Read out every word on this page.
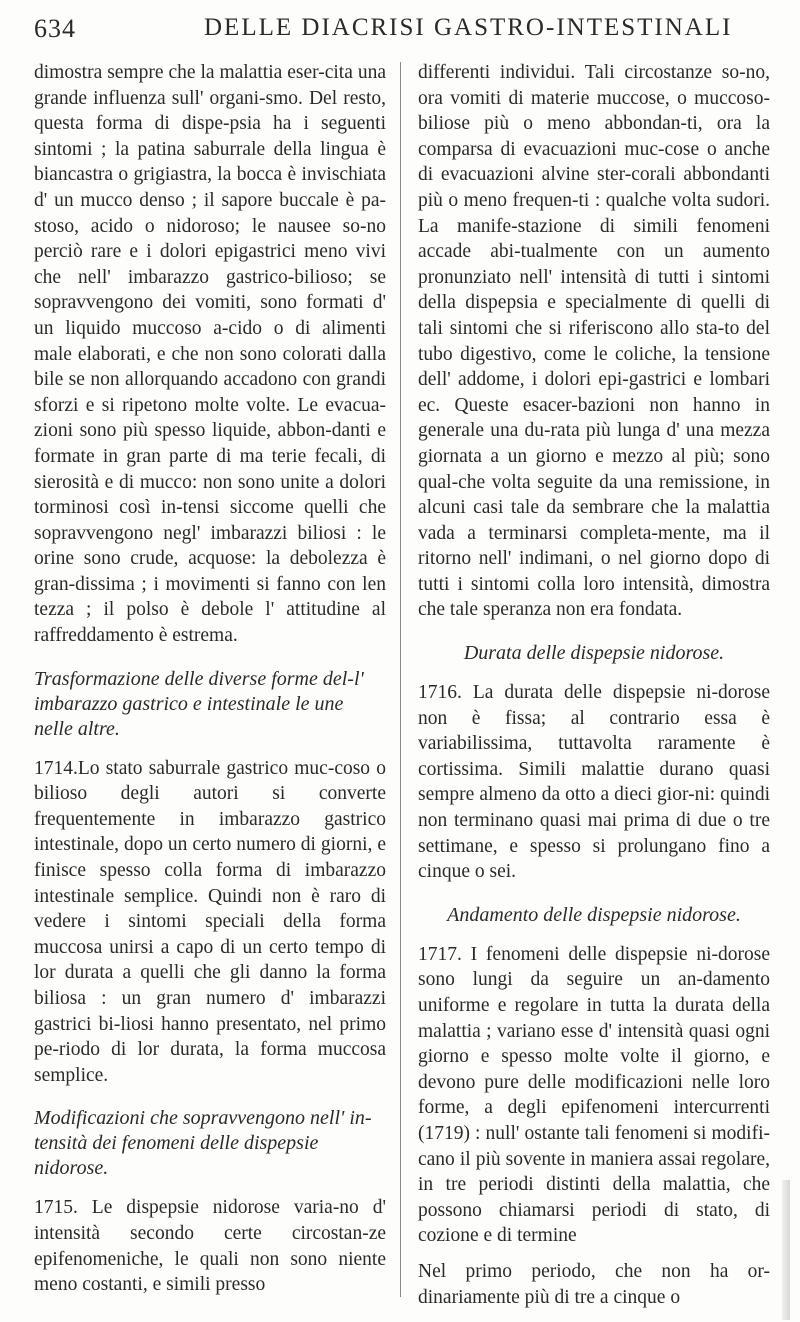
634	DELLE DIACRISI GASTRO-INTESTINALI

dimostra sempre che la malattia eser-cita una grande influenza sull' organi-smo. Del resto, questa forma di dispe-psia ha i seguenti sintomi ; la patina saburrale della lingua è biancastra o grigiastra, la bocca è invischiata d' un mucco denso ; il sapore buccale è pa-stoso, acido o nidoroso; le nausee so-no perciò rare e i dolori epigastrici meno vivi che nell' imbarazzo gastrico-bilioso; se sopravvengono dei vomiti, sono formati d' un liquido muccoso a-cido o di alimenti male elaborati, e che non sono colorati dalla bile se non allorquando accadono con grandi sforzi e si ripetono molte volte. Le evacua-zioni sono più spesso liquide, abbon-danti e formate in gran parte di ma terie fecali, di sierosità e di mucco: non sono unite a dolori torminosi così in-tensi siccome quelli che sopravvengono negl' imbarazzi biliosi : le orine sono crude, acquose: la debolezza è gran-dissima ; i movimenti si fanno con len tezza ; il polso è debole l' attitudine al raffreddamento è estrema.

Trasformazione delle diverse forme del-l' imbarazzo gastrico e intestinale le une nelle altre.

1714.Lo stato saburrale gastrico muc-coso o bilioso degli autori si converte frequentemente in imbarazzo gastrico intestinale, dopo un certo numero di giorni, e finisce spesso colla forma di imbarazzo intestinale semplice. Quindi non è raro di vedere i sintomi speciali della forma muccosa unirsi a capo di un certo tempo di lor durata a quelli che gli danno la forma biliosa : un gran numero d' imbarazzi gastrici bi-liosi hanno presentato, nel primo pe-riodo di lor durata, la forma muccosa semplice.

Modificazioni che sopravvengono nell' in-tensità dei fenomeni delle dispepsie nidorose.

1715. Le dispepsie nidorose varia-no d' intensità secondo certe circostan-ze epifenomeniche, le quali non sono niente meno costanti, e simili presso

differenti individui. Tali circostanze so-no, ora vomiti di materie muccose, o muccoso-biliose più o meno abbondan-ti, ora la comparsa di evacuazioni muc-cose o anche di evacuazioni alvine ster-corali abbondanti più o meno frequen-ti : qualche volta sudori. La manife-stazione di simili fenomeni accade abi-tualmente con un aumento pronunziato nell' intensità di tutti i sintomi della dispepsia e specialmente di quelli di tali sintomi che si riferiscono allo sta-to del tubo digestivo, come le coliche, la tensione dell' addome, i dolori epi-gastrici e lombari ec. Queste esacer-bazioni non hanno in generale una du-rata più lunga d' una mezza giornata a un giorno e mezzo al più; sono qual-che volta seguite da una remissione, in alcuni casi tale da sembrare che la malattia vada a terminarsi completa-mente, ma il ritorno nell' indimani, o nel giorno dopo di tutti i sintomi colla loro intensità, dimostra che tale speranza non era fondata.

Durata delle dispepsie nidorose.

1716. La durata delle dispepsie ni-dorose non è fissa; al contrario essa è variabilissima, tuttavolta raramente è cortissima. Simili malattie durano quasi sempre almeno da otto a dieci gior-ni: quindi non terminano quasi mai prima di due o tre settimane, e spesso si prolungano fino a cinque o sei.

Andamento delle dispepsie nidorose.

1717. I fenomeni delle dispepsie ni-dorose sono lungi da seguire un an-damento uniforme e regolare in tutta la durata della malattia ; variano esse d' intensità quasi ogni giorno e spesso molte volte il giorno, e devono pure delle modificazioni nelle loro forme, a degli epifenomeni intercurrenti (1719) : null' ostante tali fenomeni si modifi-cano il più sovente in maniera assai regolare, in tre periodi distinti della malattia, che possono chiamarsi periodi di stato, di cozione e di termine

Nel primo periodo, che non ha or-dinariamente più di tre a cinque o
